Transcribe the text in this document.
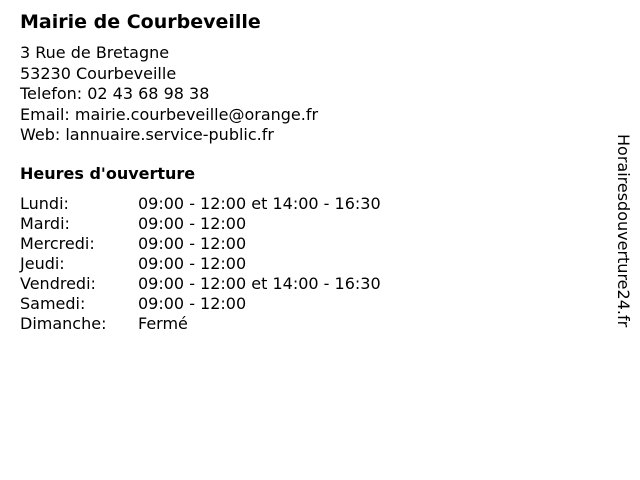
Mairie de Courbeveille
3 Rue de Bretagne
53230 Courbeveille
Telefon: 02 43 68 98 38
Email: mairie.courbeveille@orange.fr
Web: lannuaire.service-public.fr
Heures d'ouverture
Lundi:	09:00 - 12:00 et 14:00 - 16:30
Mardi:	09:00 - 12:00
Mercredi:	09:00 - 12:00
Jeudi:	09:00 - 12:00
Vendredi:	09:00 - 12:00 et 14:00 - 16:30
Samedi:	09:00 - 12:00
Dimanche: Fermé	Horairesdouverture24.fr
